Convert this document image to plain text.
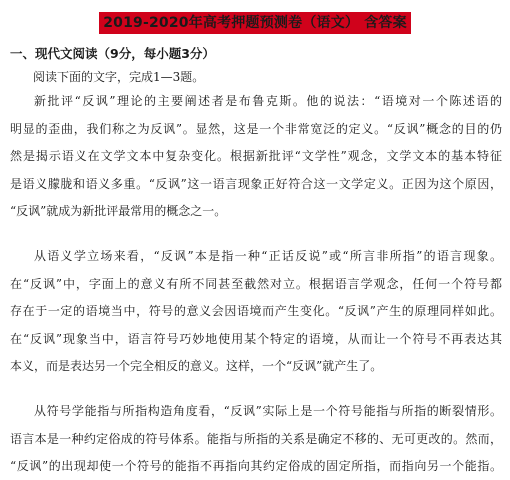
2019-2020年高考押题预测卷（语文） 含答案
一、现代文阅读（9分，每小题3分）
阅读下面的文字，完成1—3题。
新批评“反讽”理论的主要阐述者是布鲁克斯。他的说法：“语境对一个陈述语的
明显的歪曲，我们称之为反讽”。显然，这是一个非常宽泛的定义。“反讽”概念的目的仍
然是揭示语义在文学文本中复杂变化。根据新批评“文学性”观念，文学文本的基本特征
是语义朦胧和语义多重。“反讽”这一语言现象正好符合这一文学定义。正因为这个原因，
“反讽”就成为新批评最常用的概念之一。
从语义学立场来看，“反讽”本是指一种“正话反说”或“所言非所指”的语言现象。
在“反讽”中，字面上的意义有所不同甚至截然对立。根据语言学观念，任何一个符号都
存在于一定的语境当中，符号的意义会因语境而产生变化。“反讽”产生的原理同样如此。
在“反讽”现象当中，语言符号巧妙地使用某个特定的语境，从而让一个符号不再表达其
本义，而是表达另一个完全相反的意义。这样，一个“反讽”就产生了。
从符号学能指与所指构造角度看，“反讽”实际上是一个符号能指与所指的断裂情形。
语言本是一种约定俗成的符号体系。能指与所指的关系是确定不移的、无可更改的。然而，
“反讽”的出现却使一个符号的能指不再指向其约定俗成的固定所指，而指向另一个能指。
